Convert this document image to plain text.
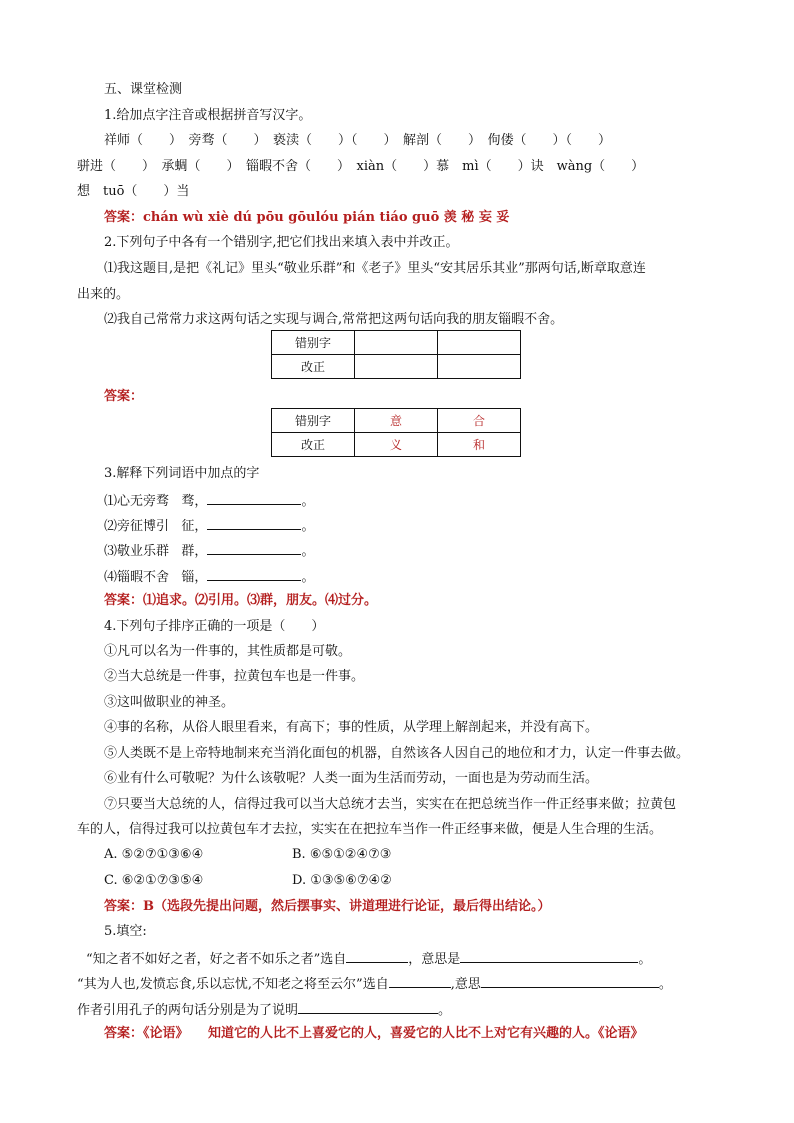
五、课堂检测
1.给加点字注音或根据拼音写汉字。
祥师（　　）　旁骛（　　）　亵渎（　　）（　　）　解剖（　　）　佝偻（　　）（　　）
骈进（　　）　承蜩（　　）　锱暇不舍（　　）　xiàn（　　）慕　mì（　　）诀　wàng（　　）
想　tuō（　　）当
答案：chán wù xiè dú pōu gōulóu pián tiáo guō 羡 秘 妄 妥
2.下列句子中各有一个错别字,把它们找出来填入表中并改正。
⑴我这题目,是把《礼记》里头“敬业乐群”和《老子》里头“安其居乐其业”那两句话,断章取意连
出来的。
⑵我自己常常力求这两句话之实现与调合,常常把这两句话向我的朋友锱暇不舍。
错别字		
改正		
答案：
错别字	意	合
改正	义	和
3.解释下列词语中加点的字
⑴心无旁骛 骛，	。
⑵旁征博引 征，	。
⑶敬业乐群 群，	。
⑷锱暇不舍 锱，	。
答案：⑴追求。⑵引用。⑶群，朋友。⑷过分。
4.下列句子排序正确的一项是（　　）
①凡可以名为一件事的，其性质都是可敬。
②当大总统是一件事，拉黄包车也是一件事。
③这叫做职业的神圣。
④事的名称，从俗人眼里看来，有高下；事的性质，从学理上解剖起来，并没有高下。
⑤人类既不是上帝特地制来充当消化面包的机器，自然该各人因自己的地位和才力，认定一件事去做。
⑥业有什么可敬呢？为什么该敬呢？人类一面为生活而劳动，一面也是为劳动而生活。
⑦只要当大总统的人，信得过我可以当大总统才去当，实实在在把总统当作一件正经事来做；拉黄包
车的人，信得过我可以拉黄包车才去拉，实实在在把拉车当作一件正经事来做，便是人生合理的生活。
A. ⑤②⑦①③⑥④	B. ⑥⑤①②④⑦③
C. ⑥②①⑦③⑤④	D. ①③⑤⑥⑦④②
答案：B（选段先提出问题，然后摆事实、讲道理进行论证，最后得出结论。）
5.填空:
“知之者不如好之者，好之者不如乐之者”选自	，意思是	。
“其为人也,发愤忘食,乐以忘忧,不知老之将至云尔”选自	,意思	。
作者引用孔子的两句话分别是为了说明	。
答案：《论语》　　知道它的人比不上喜爱它的人，喜爱它的人比不上对它有兴趣的人。《论语》
